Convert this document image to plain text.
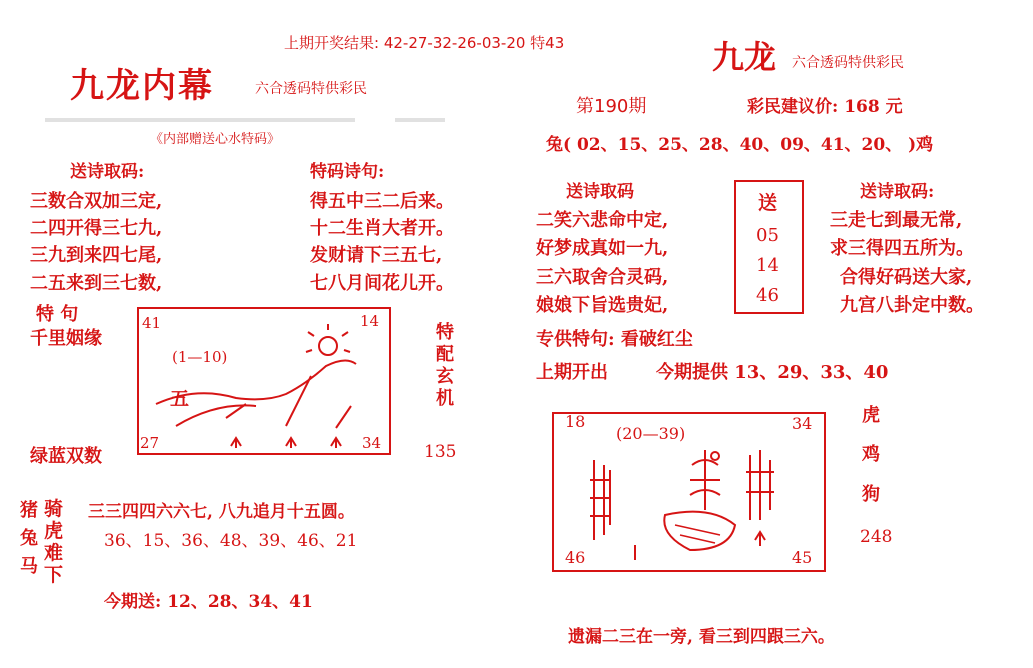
上期开奖结果: 42-27-32-26-03-20 特43
九龙内幕	六合透码特供彩民
《内部赠送心水特码》
送诗取码:
三数合双加三定,
二四开得三七九,
三九到来四七尾,
二五来到三七数,
特码诗句:
得五中三二后来。
十二生肖大者开。
发财请下三五七,
七八月间花儿开。
特 句
千里姻缘
41	14
27	34
(1—10)
五	特配玄机
绿蓝双数	135
猪
兔
马
骑
虎
难
下
三三四四六六七, 八九追月十五圆。
36、15、36、48、39、46、21
今期送: 12、28、34、41
九龙 六合透码特供彩民
第190期	彩民建议价: 168 元
兔( 02、15、25、28、40、09、41、20、 )鸡
送诗取码
二笑六悲命中定,
好梦成真如一九,
三六取舍合灵码,
娘娘下旨选贵妃,
送
05
14
46
送诗取码:
三走七到最无常,
求三得四五所为。
合得好码送大家,
九宫八卦定中数。
专供特句: 看破红尘
上期开出	今期提供 13、29、33、40
18	34
46	45
(20—39)
虎
鸡
狗
248
遗漏二三在一旁, 看三到四跟三六。
